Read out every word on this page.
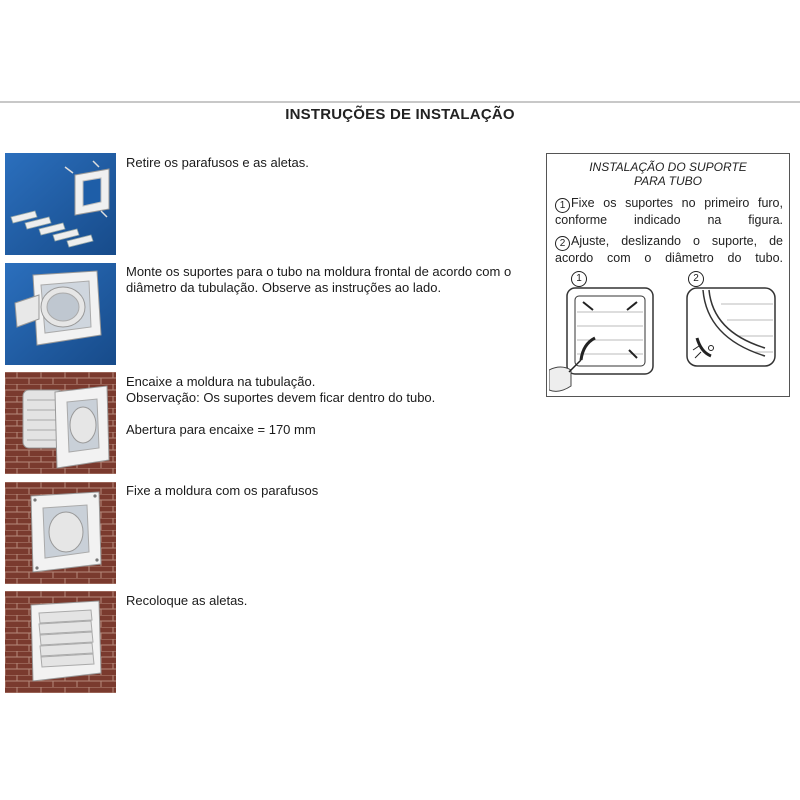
INSTRUÇÕES DE INSTALAÇÃO

Retire os parafusos e as aletas.

Monte os suportes para o tubo na moldura frontal de acordo com o diâmetro da tubulação. Observe as instruções ao lado.

Encaixe a moldura na tubulação.

Observação: Os suportes devem ficar dentro do tubo.

Abertura para encaixe = 170 mm

Fixe a moldura com os parafusos

Recoloque as aletas.

INSTALAÇÃO DO SUPORTE
PARA TUBO
1 Fixe os suportes no primeiro furo, conforme indicado na figura.
2 Ajuste, deslizando o suporte, de acordo com o diâmetro do tubo.
1	2
